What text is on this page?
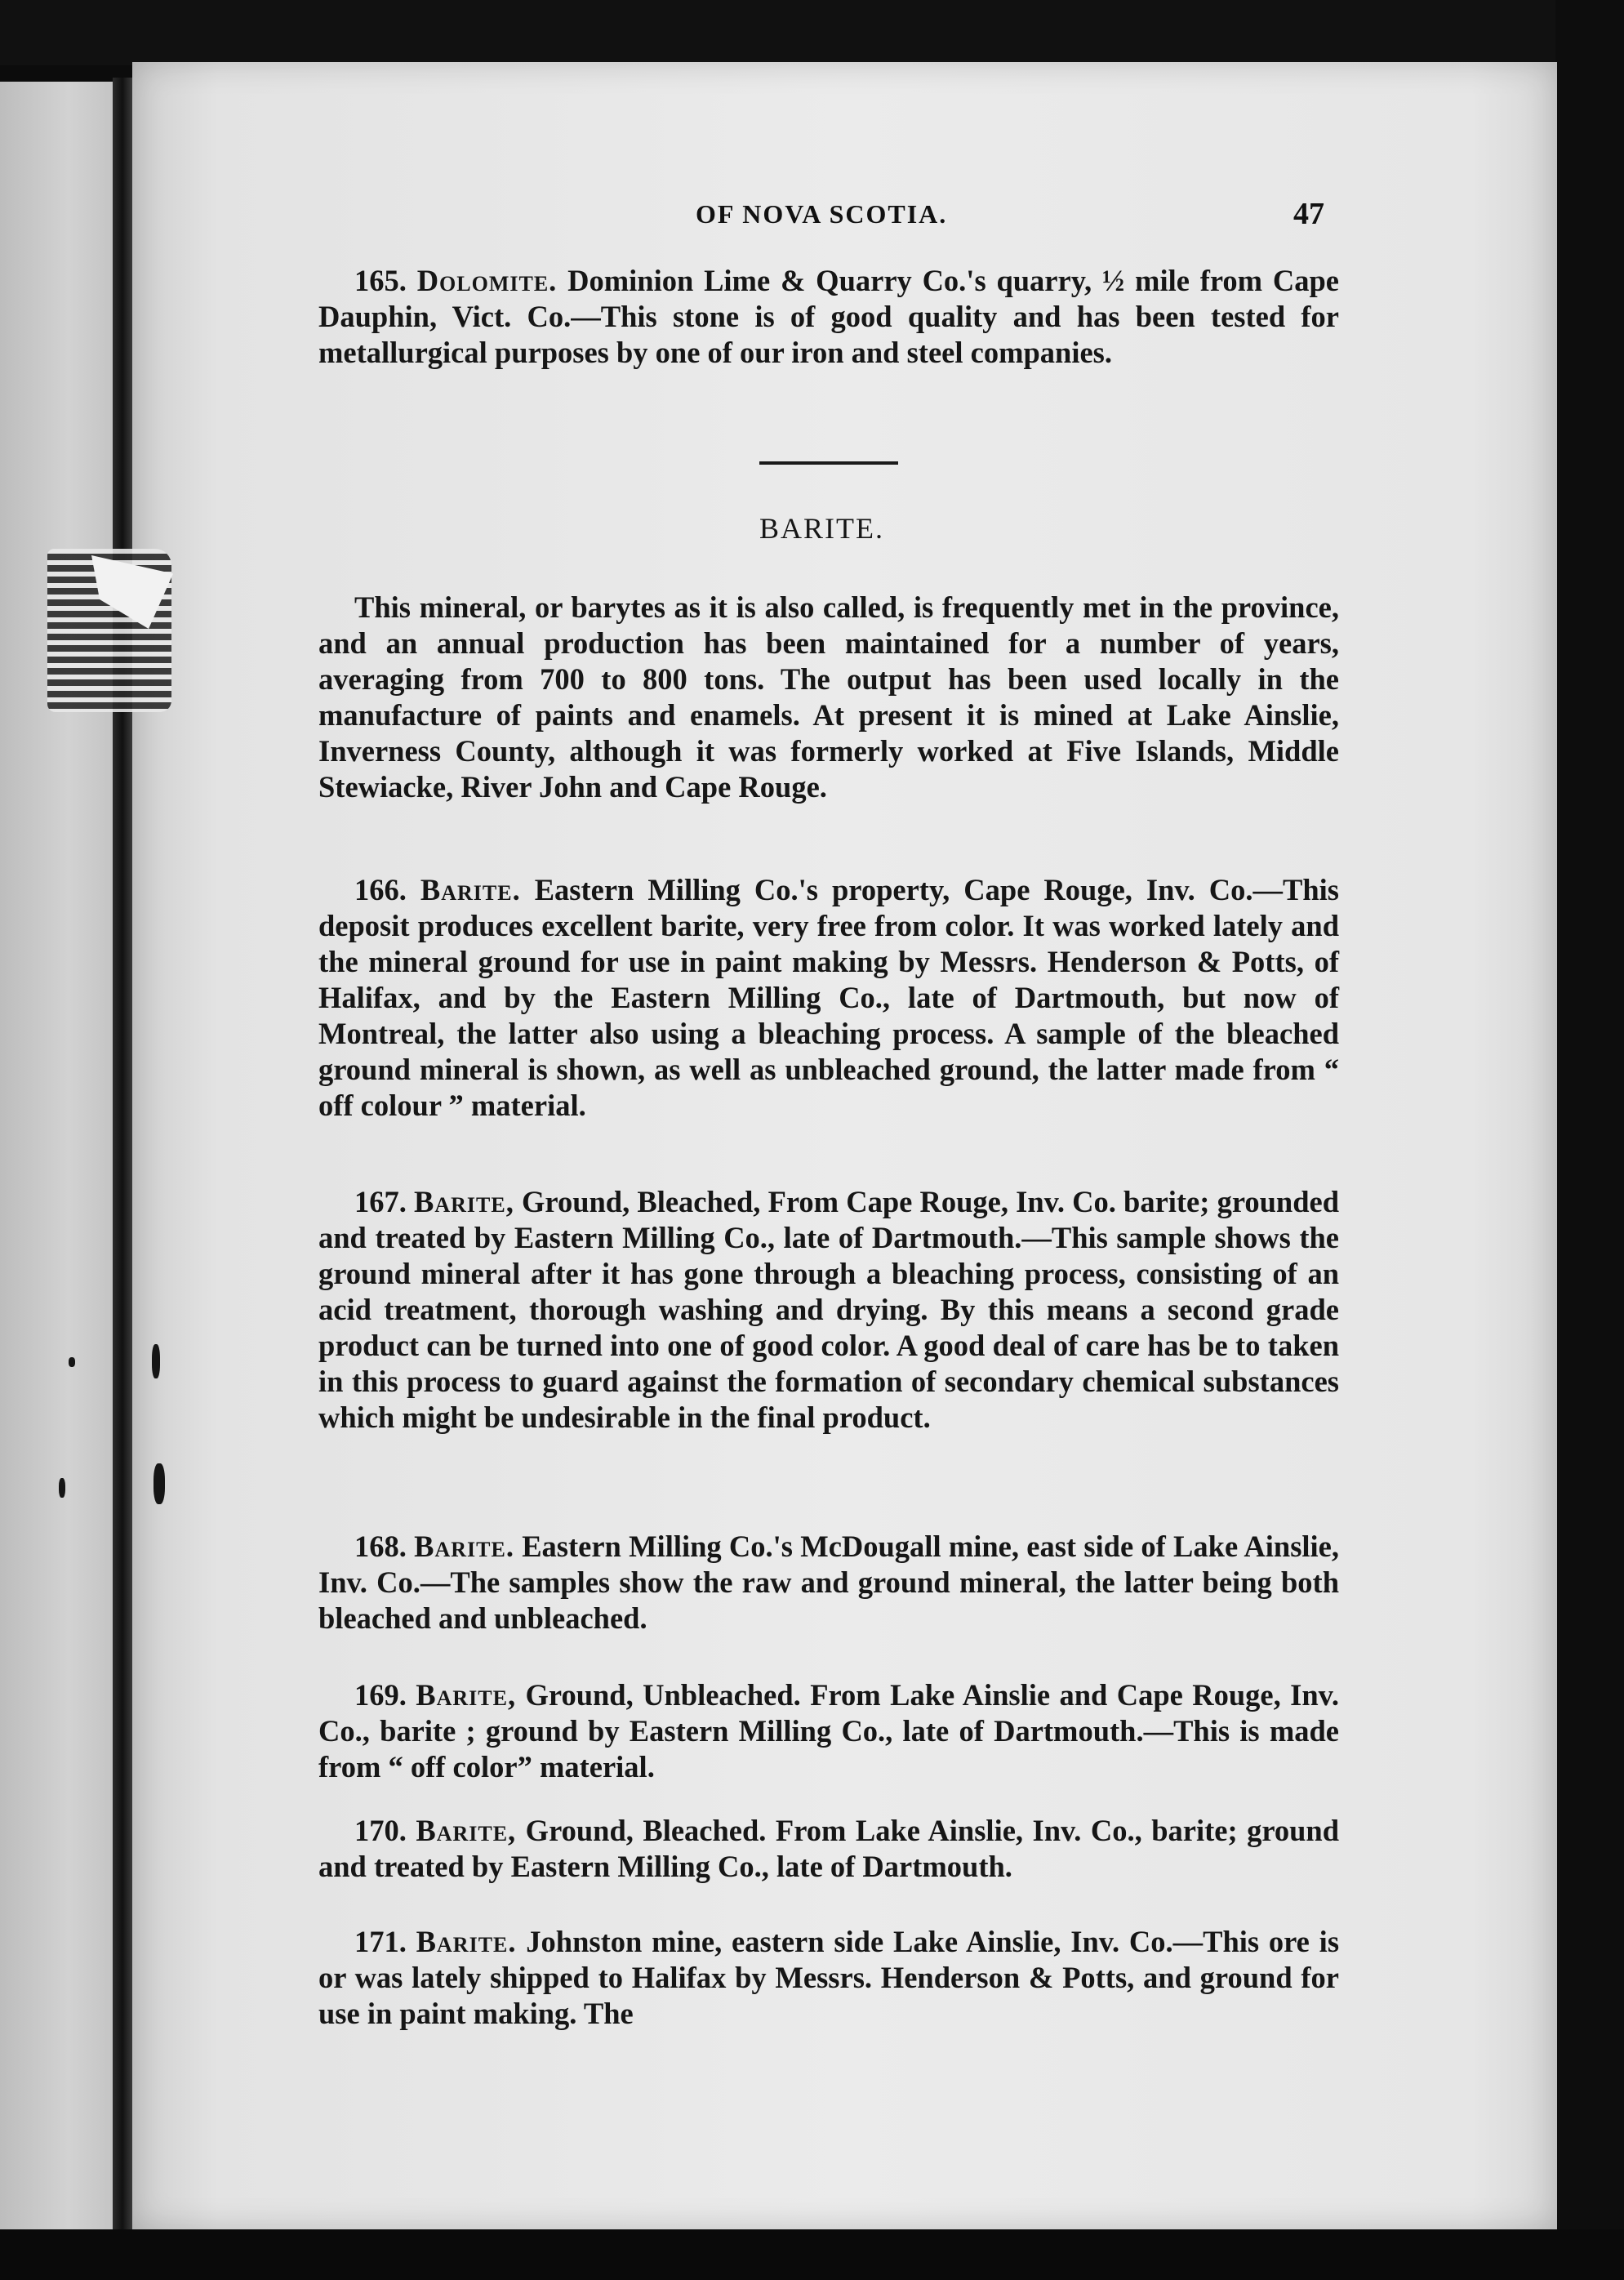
OF NOVA SCOTIA.	47
165. Dolomite. Dominion Lime & Quarry Co.'s quarry, ½ mile from Cape Dauphin, Vict. Co.—This stone is of good quality and has been tested for metallurgical purposes by one of our iron and steel companies.
BARITE.
This mineral, or barytes as it is also called, is frequently met in the province, and an annual production has been maintained for a number of years, averaging from 700 to 800 tons. The output has been used locally in the manufacture of paints and enamels. At present it is mined at Lake Ainslie, Inverness County, although it was formerly worked at Five Islands, Middle Stewiacke, River John and Cape Rouge.
166. Barite. Eastern Milling Co.'s property, Cape Rouge, Inv. Co.—This deposit produces excellent barite, very free from color. It was worked lately and the mineral ground for use in paint making by Messrs. Henderson & Potts, of Halifax, and by the Eastern Milling Co., late of Dartmouth, but now of Montreal, the latter also using a bleaching process. A sample of the bleached ground mineral is shown, as well as unbleached ground, the latter made from “ off colour ” material.
167. Barite, Ground, Bleached, From Cape Rouge, Inv. Co. barite; grounded and treated by Eastern Milling Co., late of Dartmouth.—This sample shows the ground mineral after it has gone through a bleaching process, consisting of an acid treatment, thorough washing and drying. By this means a second grade product can be turned into one of good color. A good deal of care has be to taken in this process to guard against the formation of secondary chemical substances which might be undesirable in the final product.
168. Barite. Eastern Milling Co.'s McDougall mine, east side of Lake Ainslie, Inv. Co.—The samples show the raw and ground mineral, the latter being both bleached and unbleached.
169. Barite, Ground, Unbleached. From Lake Ainslie and Cape Rouge, Inv. Co., barite ; ground by Eastern Milling Co., late of Dartmouth.—This is made from “ off color” material.
170. Barite, Ground, Bleached. From Lake Ainslie, Inv. Co., barite; ground and treated by Eastern Milling Co., late of Dartmouth.
171. Barite. Johnston mine, eastern side Lake Ainslie, Inv. Co.—This ore is or was lately shipped to Halifax by Messrs. Henderson & Potts, and ground for use in paint making. The
